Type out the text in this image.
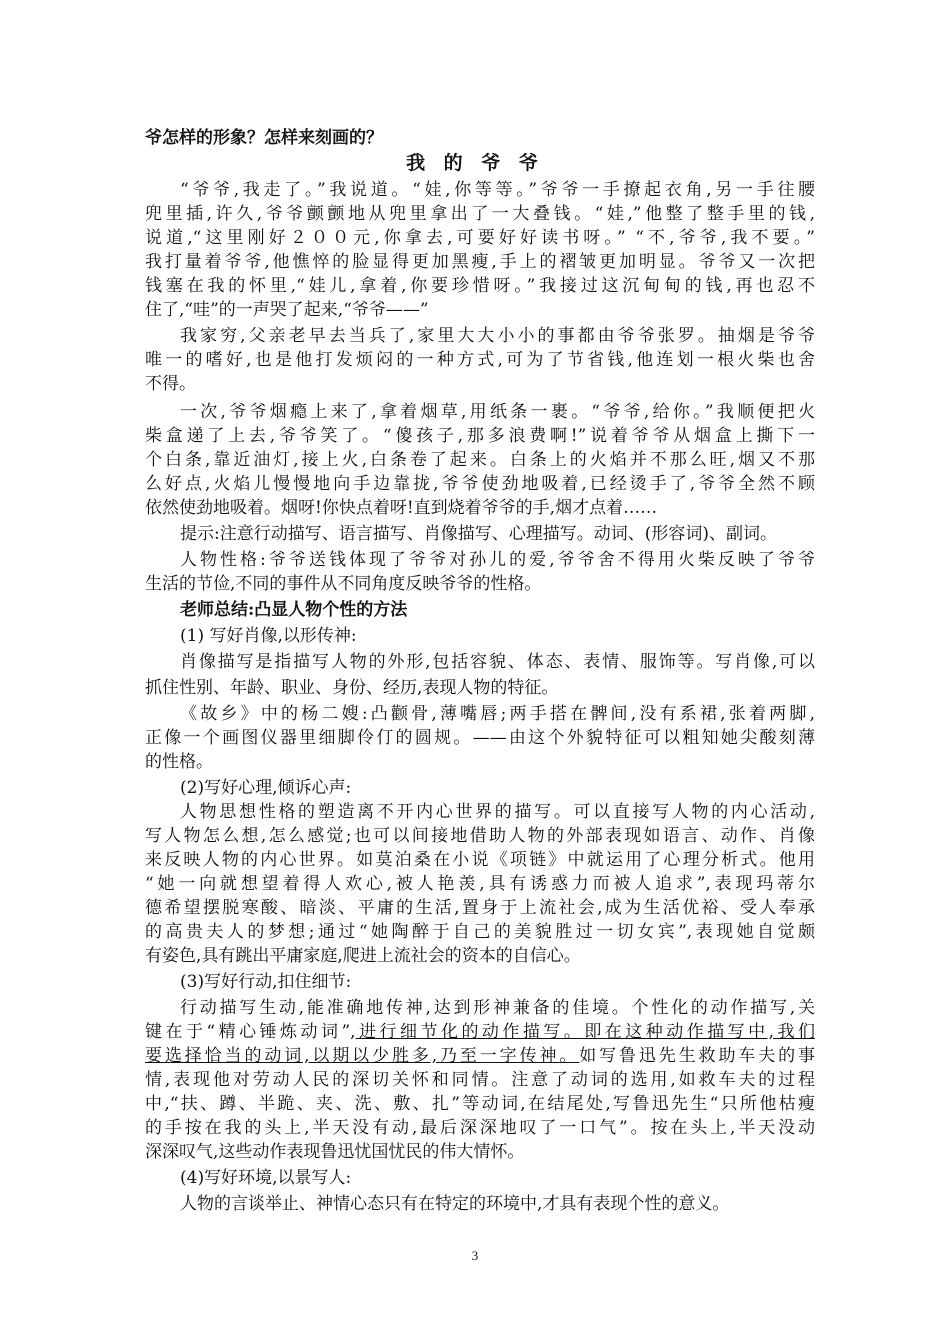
爷怎样的形象？怎样来刻画的？
我 的 爷 爷
“爷爷,我走了。”我说道。“娃,你等等。”爷爷一手撩起衣角,另一手往腰
兜里插,许久,爷爷颤颤地从兜里拿出了一大叠钱。“娃,”他整了整手里的钱,
说道,“这里刚好２００元,你拿去,可要好好读书呀。” “不,爷爷,我不要。”
我打量着爷爷,他憔悴的脸显得更加黑瘦,手上的褶皱更加明显。爷爷又一次把
钱塞在我的怀里,“娃儿,拿着,你要珍惜呀。”我接过这沉甸甸的钱,再也忍不
住了,“哇”的一声哭了起来,“爷爷——”
我家穷,父亲老早去当兵了,家里大大小小的事都由爷爷张罗。抽烟是爷爷
唯一的嗜好,也是他打发烦闷的一种方式,可为了节省钱,他连划一根火柴也舍
不得。
一次,爷爷烟瘾上来了,拿着烟草,用纸条一裹。“爷爷,给你。”我顺便把火
柴盒递了上去,爷爷笑了。“傻孩子,那多浪费啊!”说着爷爷从烟盒上撕下一
个白条,靠近油灯,接上火,白条卷了起来。白条上的火焰并不那么旺,烟又不那
么好点,火焰儿慢慢地向手边靠拢,爷爷使劲地吸着,已经烫手了,爷爷全然不顾
依然使劲地吸着。烟呀!你快点着呀!直到烧着爷爷的手,烟才点着……
提示:注意行动描写、语言描写、肖像描写、心理描写。动词、(形容词)、副词。
人物性格:爷爷送钱体现了爷爷对孙儿的爱,爷爷舍不得用火柴反映了爷爷
生活的节俭,不同的事件从不同角度反映爷爷的性格。
老师总结:凸显人物个性的方法
(1) 写好肖像,以形传神:
肖像描写是指描写人物的外形,包括容貌、体态、表情、服饰等。写肖像,可以
抓住性别、年龄、职业、身份、经历,表现人物的特征。
《故乡》中的杨二嫂:凸颧骨,薄嘴唇;两手搭在髀间,没有系裙,张着两脚,
正像一个画图仪器里细脚伶仃的圆规。——由这个外貌特征可以粗知她尖酸刻薄
的性格。
(2)写好心理,倾诉心声:
人物思想性格的塑造离不开内心世界的描写。可以直接写人物的内心活动,
写人物怎么想,怎么感觉;也可以间接地借助人物的外部表现如语言、动作、肖像
来反映人物的内心世界。如莫泊桑在小说《项链》中就运用了心理分析式。他用
“她一向就想望着得人欢心,被人艳羡,具有诱惑力而被人追求”,表现玛蒂尔
德希望摆脱寒酸、暗淡、平庸的生活,置身于上流社会,成为生活优裕、受人奉承
的高贵夫人的梦想;通过“她陶醉于自己的美貌胜过一切女宾”,表现她自觉颇
有姿色,具有跳出平庸家庭,爬进上流社会的资本的自信心。
(3)写好行动,扣住细节:
行动描写生动,能准确地传神,达到形神兼备的佳境。个性化的动作描写,关
键在于“精心锤炼动词”,进行细节化的动作描写。即在这种动作描写中,我们
要选择恰当的动词,以期以少胜多,乃至一字传神。如写鲁迅先生救助车夫的事
情,表现他对劳动人民的深切关怀和同情。注意了动词的选用,如救车夫的过程
中,“扶、蹲、半跪、夹、洗、敷、扎”等动词,在结尾处,写鲁迅先生“只所他枯瘦
的手按在我的头上,半天没有动,最后深深地叹了一口气”。按在头上,半天没动
深深叹气,这些动作表现鲁迅忧国忧民的伟大情怀。
(4)写好环境,以景写人:
人物的言谈举止、神情心态只有在特定的环境中,才具有表现个性的意义。
3
